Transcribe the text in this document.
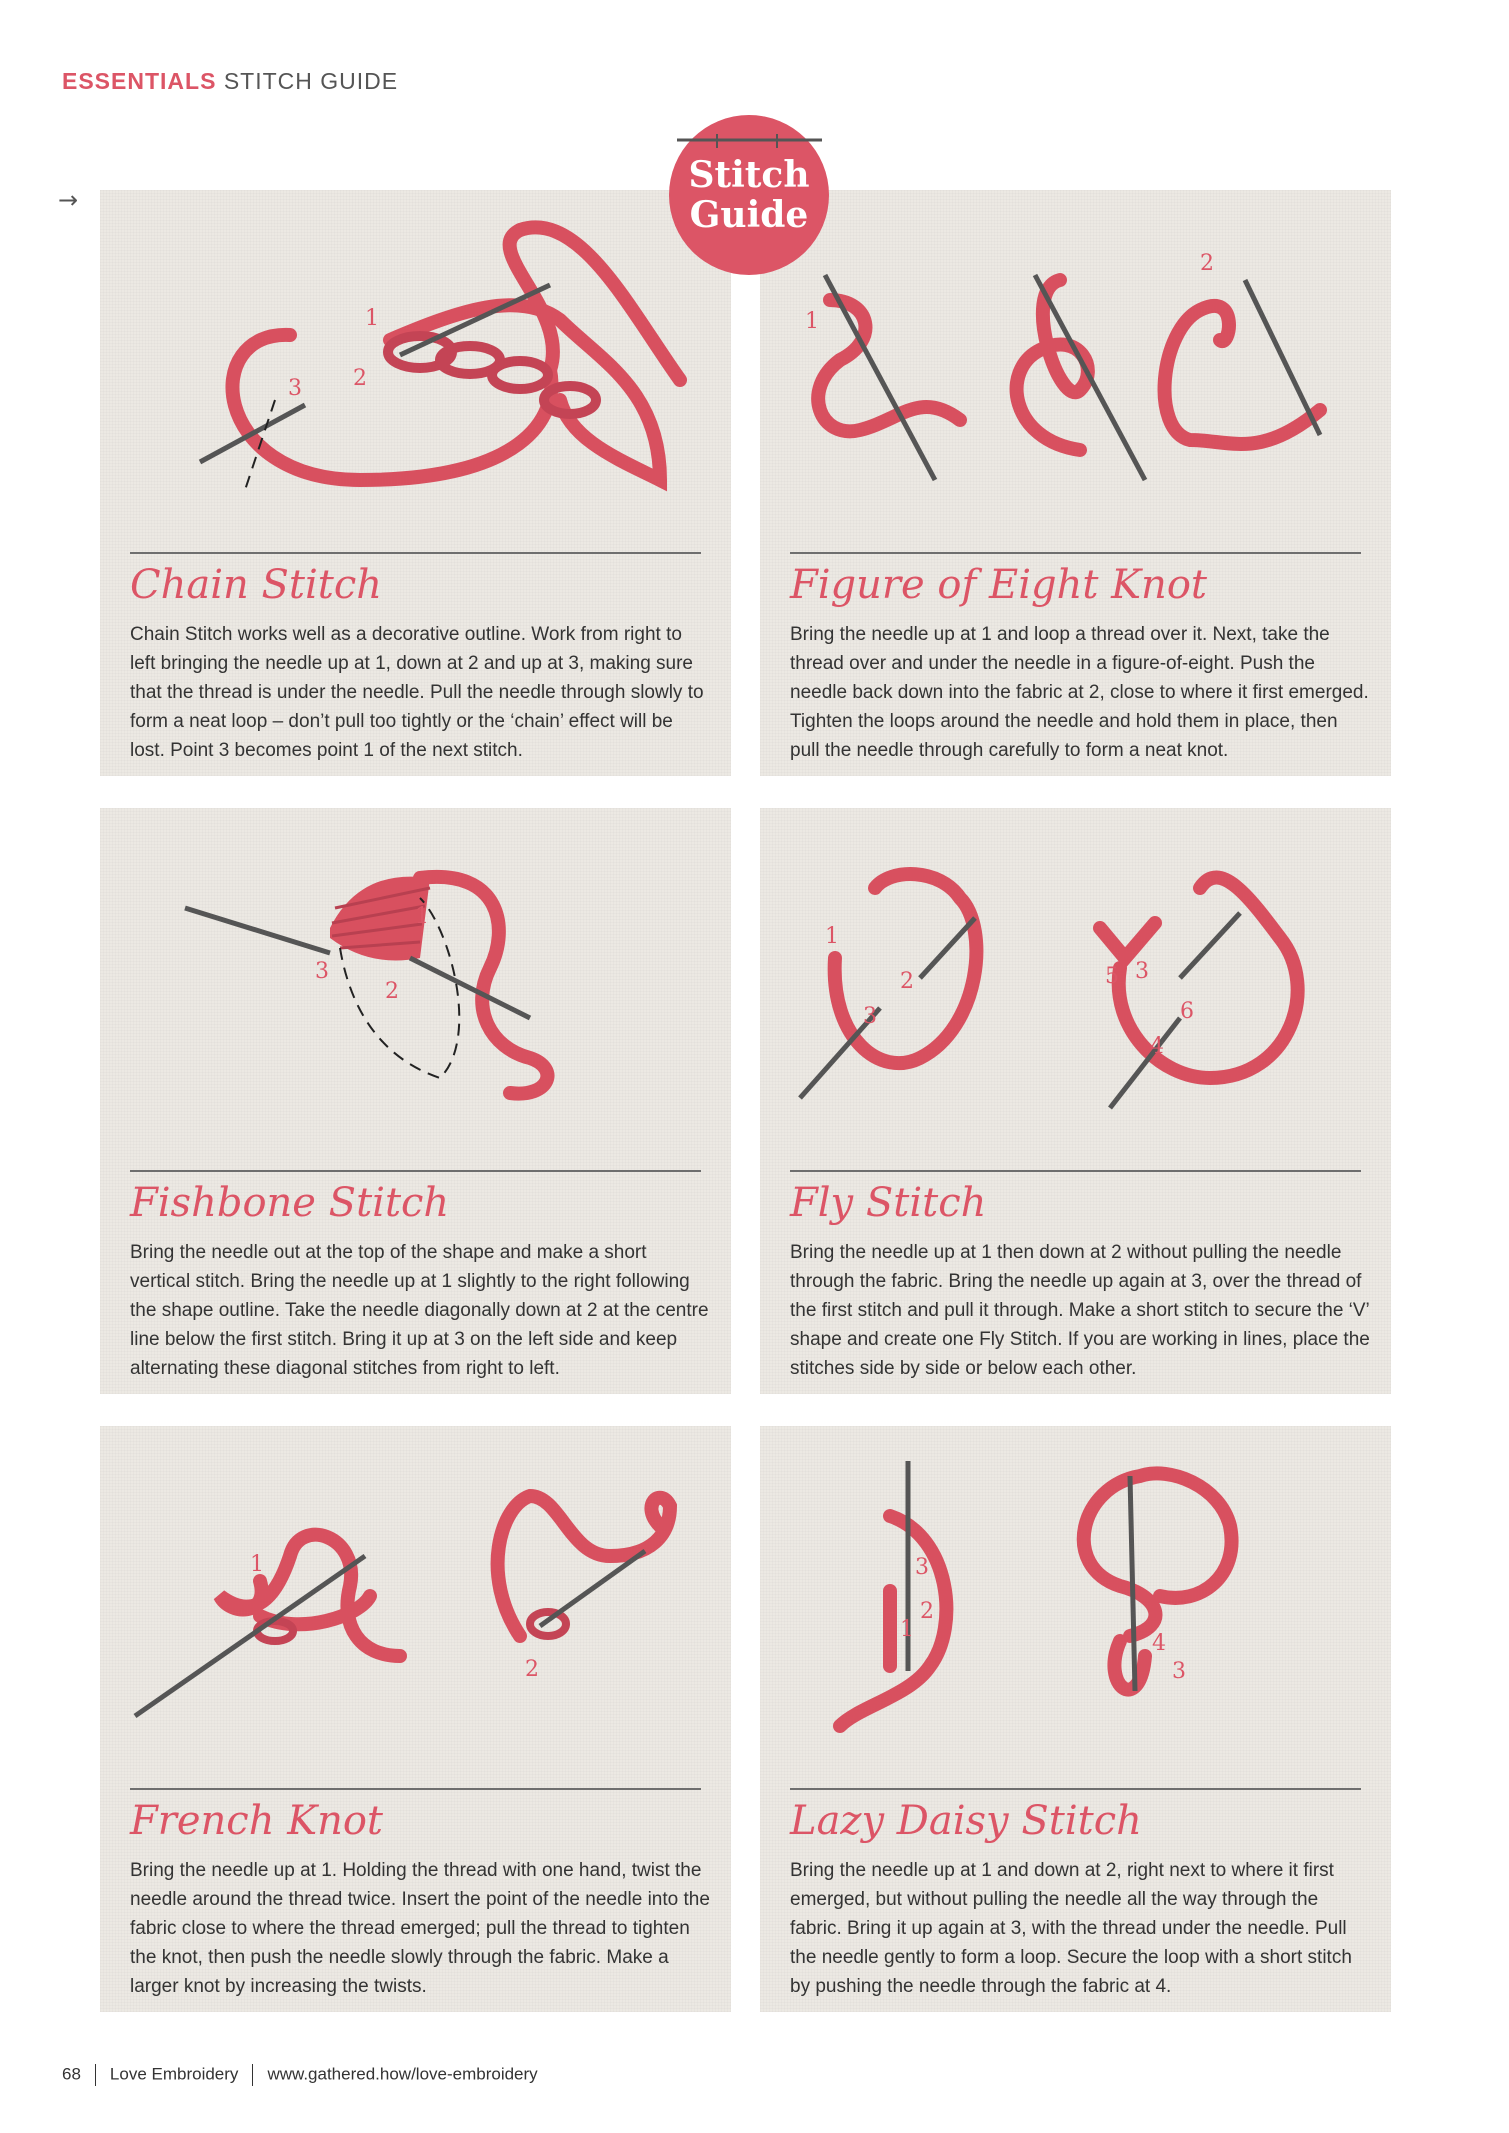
ESSENTIALS STITCH GUIDE
→
Stitch
Guide
1
2
3
Chain Stitch
Chain Stitch works well as a decorative outline. Work from right to left bringing the needle up at 1, down at 2 and up at 3, making sure that the thread is under the needle. Pull the needle through slowly to form a neat loop – don’t pull too tightly or the ‘chain’ effect will be lost. Point 3 becomes point 1 of the next stitch.
1
2
Figure of Eight Knot
Bring the needle up at 1 and loop a thread over it. Next, take the thread over and under the needle in a figure-of-eight. Push the needle back down into the fabric at 2, close to where it first emerged. Tighten the loops around the needle and hold them in place, then pull the needle through carefully to form a neat knot.
1
2
3
Fishbone Stitch
Bring the needle out at the top of the shape and make a short vertical stitch. Bring the needle up at 1 slightly to the right following the shape outline. Take the needle diagonally down at 2 at the centre line below the first stitch. Bring it up at 3 on the left side and keep alternating these diagonal stitches from right to left.
1
2
3
5 3
6
4
Fly Stitch
Bring the needle up at 1 then down at 2 without pulling the needle through the fabric. Bring the needle up again at 3, over the thread of the first stitch and pull it through. Make a short stitch to secure the ‘V’ shape and create one Fly Stitch. If you are working in lines, place the stitches side by side or below each other.
1
2
French Knot
Bring the needle up at 1. Holding the thread with one hand, twist the needle around the thread twice. Insert the point of the needle into the fabric close to where the thread emerged; pull the thread to tighten the knot, then push the needle slowly through the fabric. Make a larger knot by increasing the twists.
3
2
1
4
3
Lazy Daisy Stitch
Bring the needle up at 1 and down at 2, right next to where it first emerged, but without pulling the needle all the way through the fabric. Bring it up again at 3, with the thread under the needle. Pull the needle gently to form a loop. Secure the loop with a short stitch by pushing the needle through the fabric at 4.
68 Love Embroidery www.gathered.how/love-embroidery
